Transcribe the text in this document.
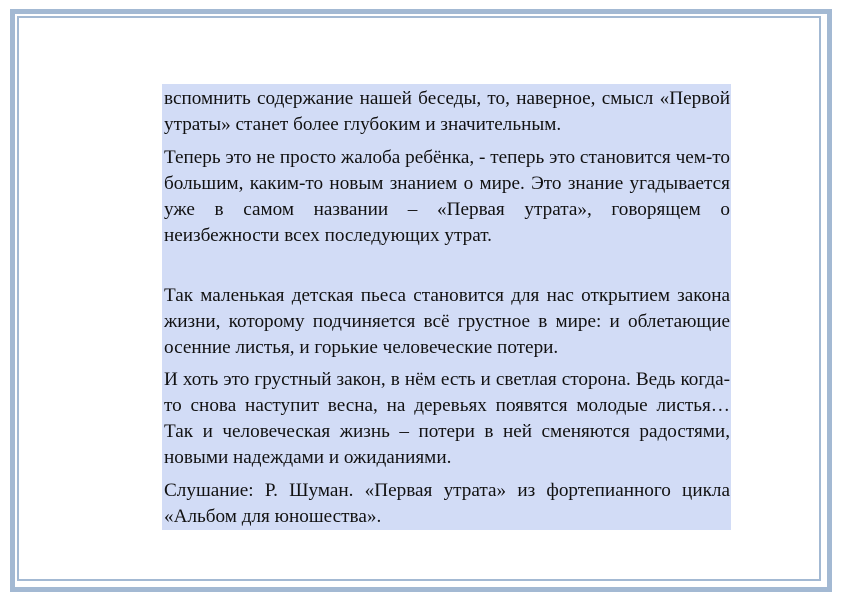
вспомнить содержание нашей беседы, то, наверное, смысл «Первой утраты» станет более глубоким и значительным.

Теперь это не просто жалоба ребёнка, - теперь это становится чем-то большим, каким-то новым знанием о мире. Это знание угадывается уже в самом названии – «Первая утрата», говорящем о неизбежности всех последующих утрат.

Так маленькая детская пьеса становится для нас открытием закона жизни, которому подчиняется всё грустное в мире: и облетающие осенние листья, и горькие человеческие потери.

И хоть это грустный закон, в нём есть и светлая сторона. Ведь когда-то снова наступит весна, на деревьях появятся молодые листья… Так и человеческая жизнь – потери в ней сменяются радостями, новыми надеждами и ожиданиями.

Слушание: Р. Шуман. «Первая утрата» из фортепианного цикла «Альбом для юношества».
